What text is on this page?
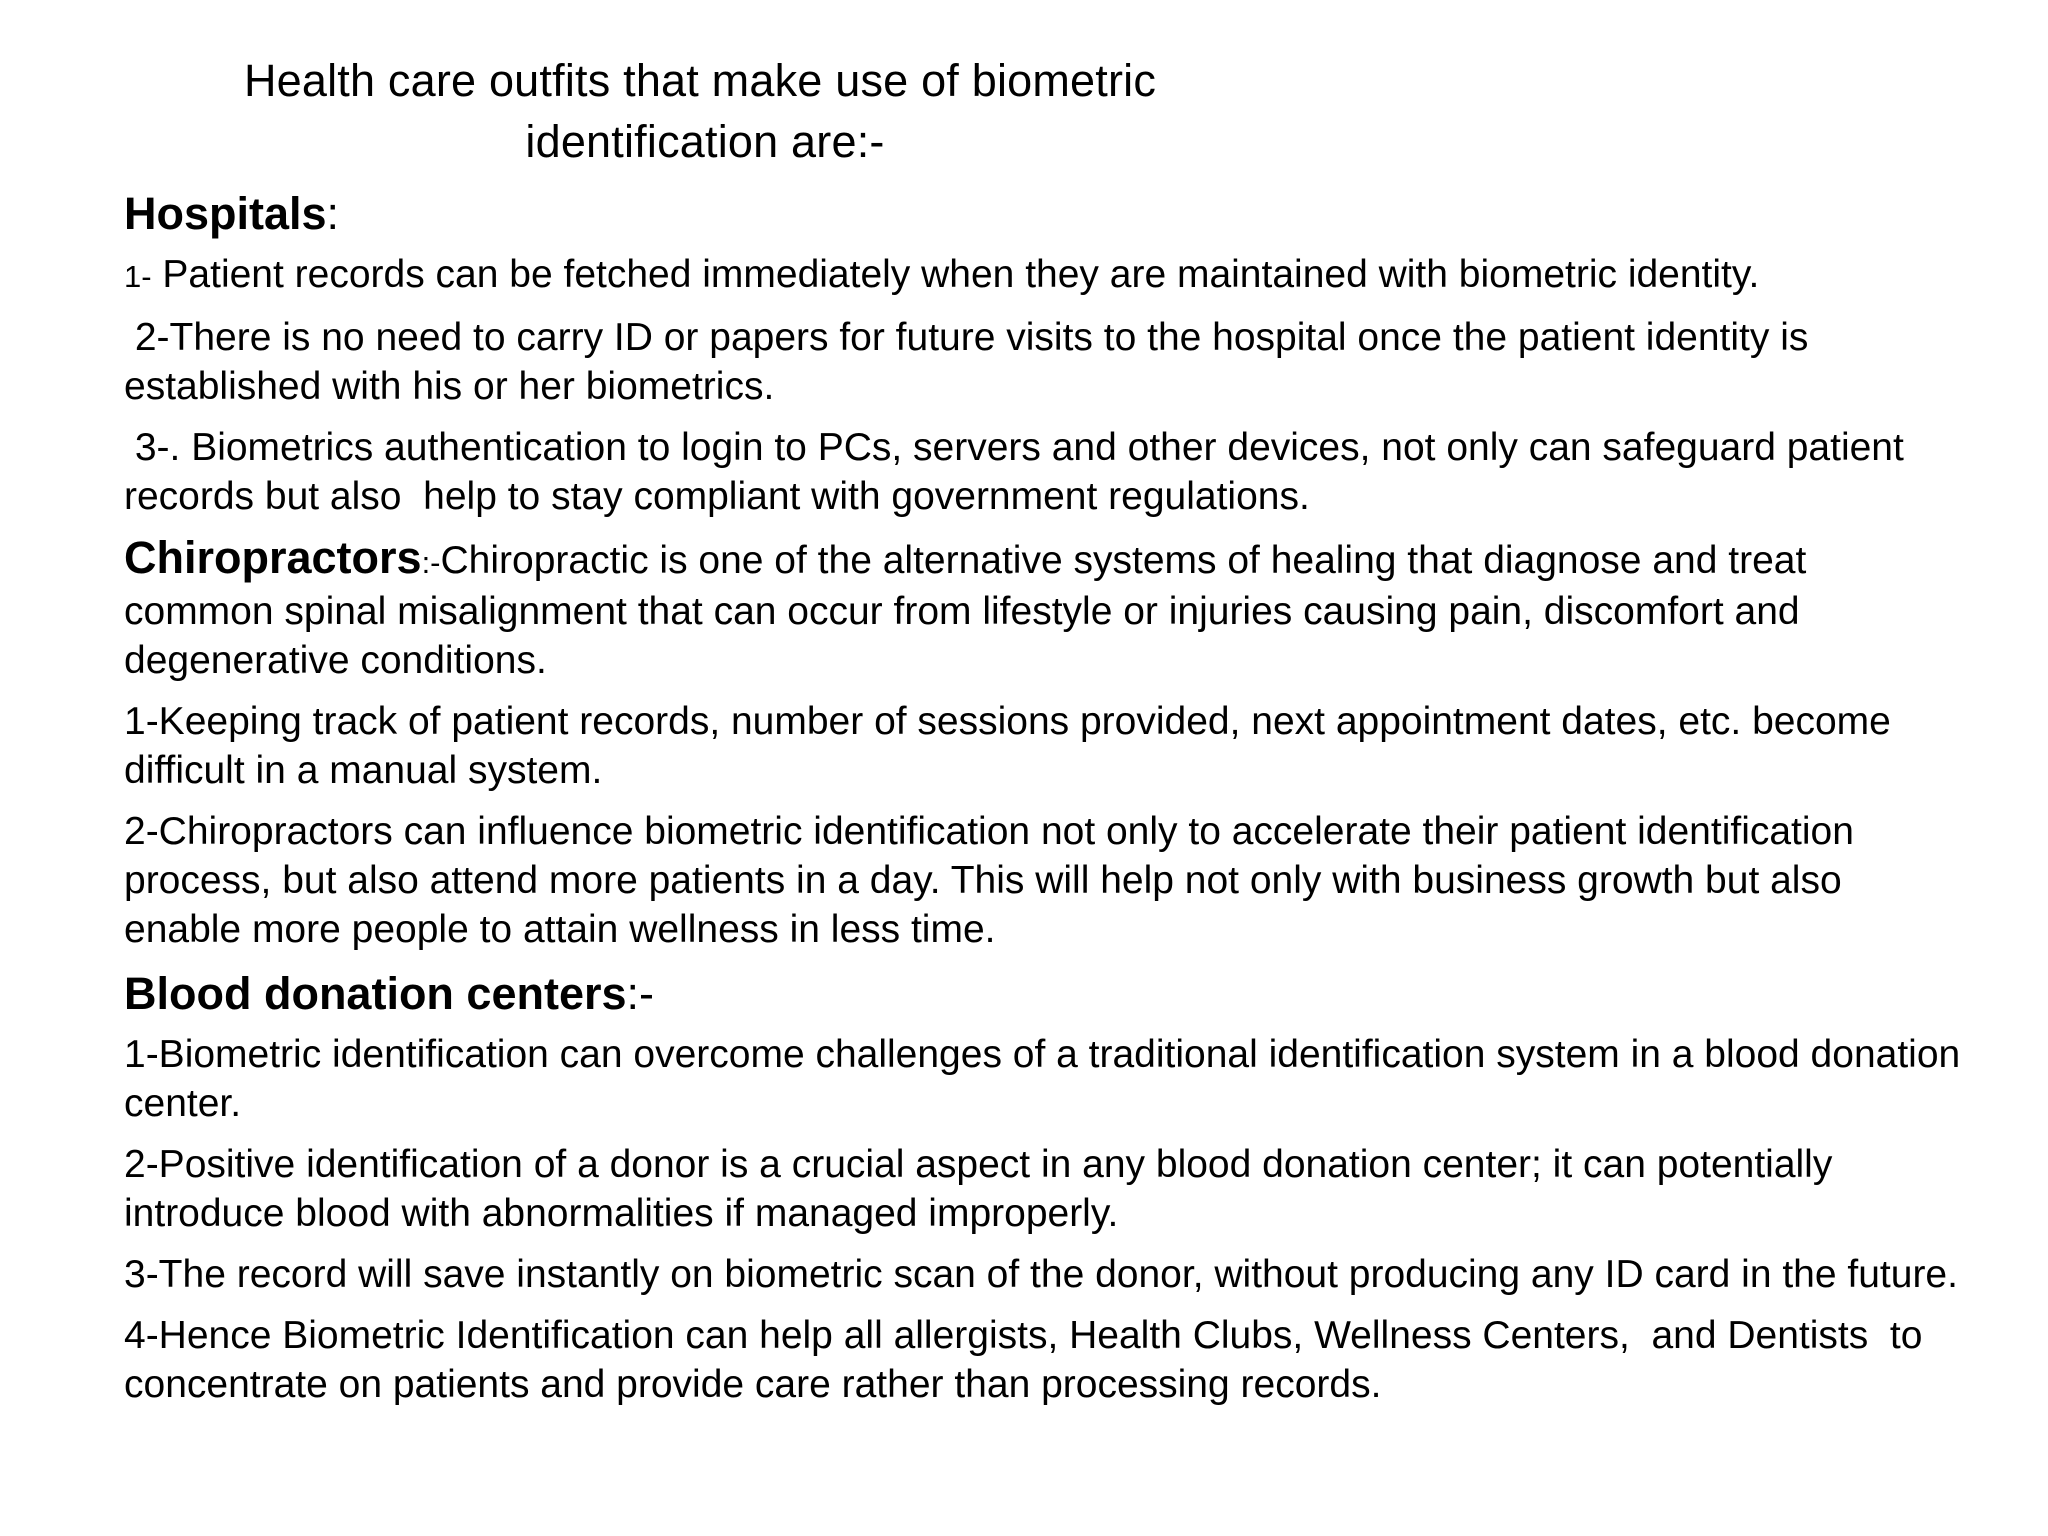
Health care outfits that make use of biometric
identification are:-
Hospitals:
1- Patient records can be fetched immediately when they are maintained with biometric identity.
2-There is no need to carry ID or papers for future visits to the hospital once the patient identity is established with his or her biometrics.
3-. Biometrics authentication to login to PCs, servers and other devices, not only can safeguard patient records but also  help to stay compliant with government regulations.
Chiropractors:-Chiropractic is one of the alternative systems of healing that diagnose and treat common spinal misalignment that can occur from lifestyle or injuries causing pain, discomfort and degenerative conditions.
1-Keeping track of patient records, number of sessions provided, next appointment dates, etc. become difficult in a manual system.
2-Chiropractors can influence biometric identification not only to accelerate their patient identification process, but also attend more patients in a day. This will help not only with business growth but also enable more people to attain wellness in less time.
Blood donation centers:-
1-Biometric identification can overcome challenges of a traditional identification system in a blood donation center.
2-Positive identification of a donor is a crucial aspect in any blood donation center; it can potentially introduce blood with abnormalities if managed improperly.
3-The record will save instantly on biometric scan of the donor, without producing any ID card in the future.
4-Hence Biometric Identification can help all allergists, Health Clubs, Wellness Centers,  and Dentists  to concentrate on patients and provide care rather than processing records.
